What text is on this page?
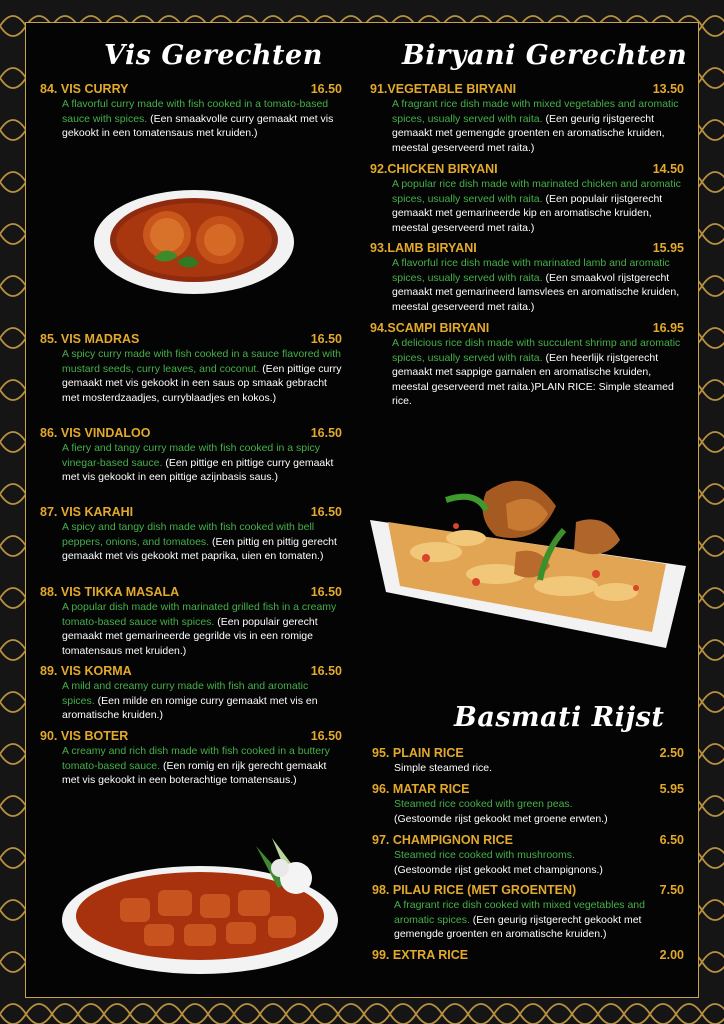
Vis Gerechten	Biryani Gerechten
Basmati Rijst
84. VIS CURRY	16.50
A flavorful curry made with fish cooked in a tomato-based sauce with spices. (Een smaakvolle curry gemaakt met vis gekookt in een tomatensaus met kruiden.)
85. VIS MADRAS	16.50
A spicy curry made with fish cooked in a sauce flavored with mustard seeds, curry leaves, and coconut. (Een pittige curry gemaakt met vis gekookt in een saus op smaak gebracht met mosterdzaadjes, curryblaadjes en kokos.)
86. VIS VINDALOO	16.50
A fiery and tangy curry made with fish cooked in a spicy vinegar-based sauce. (Een pittige en pittige curry gemaakt met vis gekookt in een pittige azijnbasis saus.)
87. VIS KARAHI	16.50
A spicy and tangy dish made with fish cooked with bell peppers, onions, and tomatoes. (Een pittig en pittig gerecht gemaakt met vis gekookt met paprika, uien en tomaten.)
88. VIS TIKKA MASALA	16.50
A popular dish made with marinated grilled fish in a creamy tomato-based sauce with spices. (Een populair gerecht gemaakt met gemarineerde gegrilde vis in een romige tomatensaus met kruiden.)
89. VIS KORMA	16.50
A mild and creamy curry made with fish and aromatic spices. (Een milde en romige curry gemaakt met vis en aromatische kruiden.)
90. VIS BOTER	16.50
A creamy and rich dish made with fish cooked in a buttery tomato-based sauce. (Een romig en rijk gerecht gemaakt met vis gekookt in een boterachtige tomatensaus.)
91.VEGETABLE BIRYANI	13.50
A fragrant rice dish made with mixed vegetables and aromatic spices, usually served with raita. (Een geurig rijstgerecht gemaakt met gemengde groenten en aromatische kruiden, meestal geserveerd met raita.)
92.CHICKEN BIRYANI	14.50
A popular rice dish made with marinated chicken and aromatic spices, usually served with raita. (Een populair rijstgerecht gemaakt met gemarineerde kip en aromatische kruiden, meestal geserveerd met raita.)
93.LAMB BIRYANI	15.95
A flavorful rice dish made with marinated lamb and aromatic spices, usually served with raita. (Een smaakvol rijstgerecht gemaakt met gemarineerd lamsvlees en aromatische kruiden, meestal geserveerd met raita.)
94.SCAMPI BIRYANI	16.95
A delicious rice dish made with succulent shrimp and aromatic spices, usually served with raita. (Een heerlijk rijstgerecht gemaakt met sappige garnalen en aromatische kruiden, meestal geserveerd met raita.)PLAIN RICE: Simple steamed rice.
95. PLAIN RICE	2.50
Simple steamed rice.
96. MATAR RICE	5.95
Steamed rice cooked with green peas.
(Gestoomde rijst gekookt met groene erwten.)
97. CHAMPIGNON RICE	6.50
Steamed rice cooked with mushrooms.
(Gestoomde rijst gekookt met champignons.)
98. PILAU RICE (MET GROENTEN)	7.50
A fragrant rice dish cooked with mixed vegetables and aromatic spices. (Een geurig rijstgerecht gekookt met gemengde groenten en aromatische kruiden.)
99. EXTRA RICE	2.00
